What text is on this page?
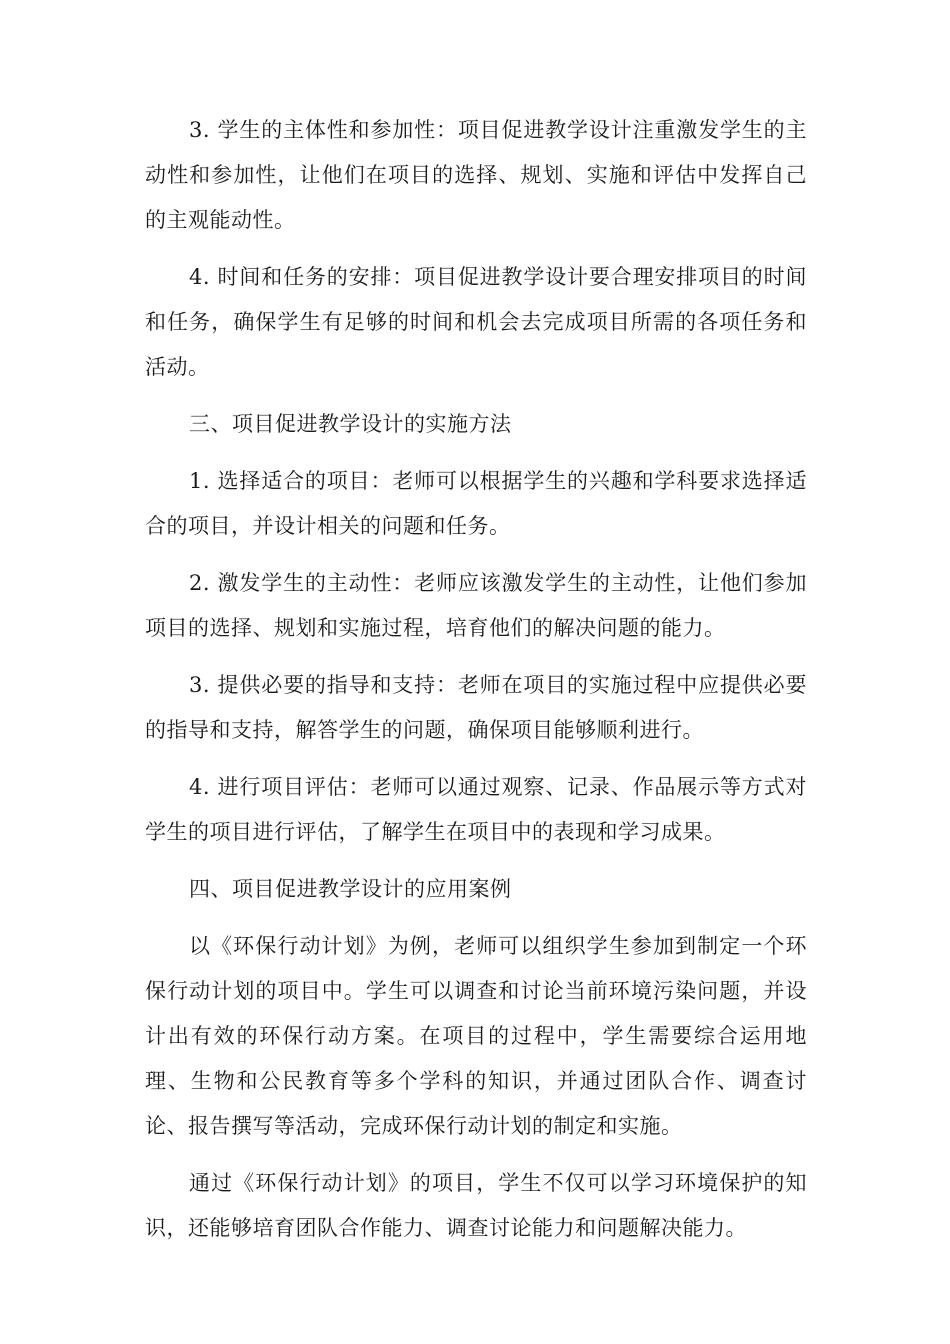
3. 学生的主体性和参加性：项目促进教学设计注重激发学生的主动性和参加性，让他们在项目的选择、规划、实施和评估中发挥自己的主观能动性。

4. 时间和任务的安排：项目促进教学设计要合理安排项目的时间和任务，确保学生有足够的时间和机会去完成项目所需的各项任务和活动。

三、项目促进教学设计的实施方法

1. 选择适合的项目：老师可以根据学生的兴趣和学科要求选择适合的项目，并设计相关的问题和任务。

2. 激发学生的主动性：老师应该激发学生的主动性，让他们参加项目的选择、规划和实施过程，培育他们的解决问题的能力。

3. 提供必要的指导和支持：老师在项目的实施过程中应提供必要的指导和支持，解答学生的问题，确保项目能够顺利进行。

4. 进行项目评估：老师可以通过观察、记录、作品展示等方式对学生的项目进行评估，了解学生在项目中的表现和学习成果。

四、项目促进教学设计的应用案例

以《环保行动计划》为例，老师可以组织学生参加到制定一个环保行动计划的项目中。学生可以调查和讨论当前环境污染问题，并设计出有效的环保行动方案。在项目的过程中，学生需要综合运用地理、生物和公民教育等多个学科的知识，并通过团队合作、调查讨论、报告撰写等活动，完成环保行动计划的制定和实施。

通过《环保行动计划》的项目，学生不仅可以学习环境保护的知识，还能够培育团队合作能力、调查讨论能力和问题解决能力。
